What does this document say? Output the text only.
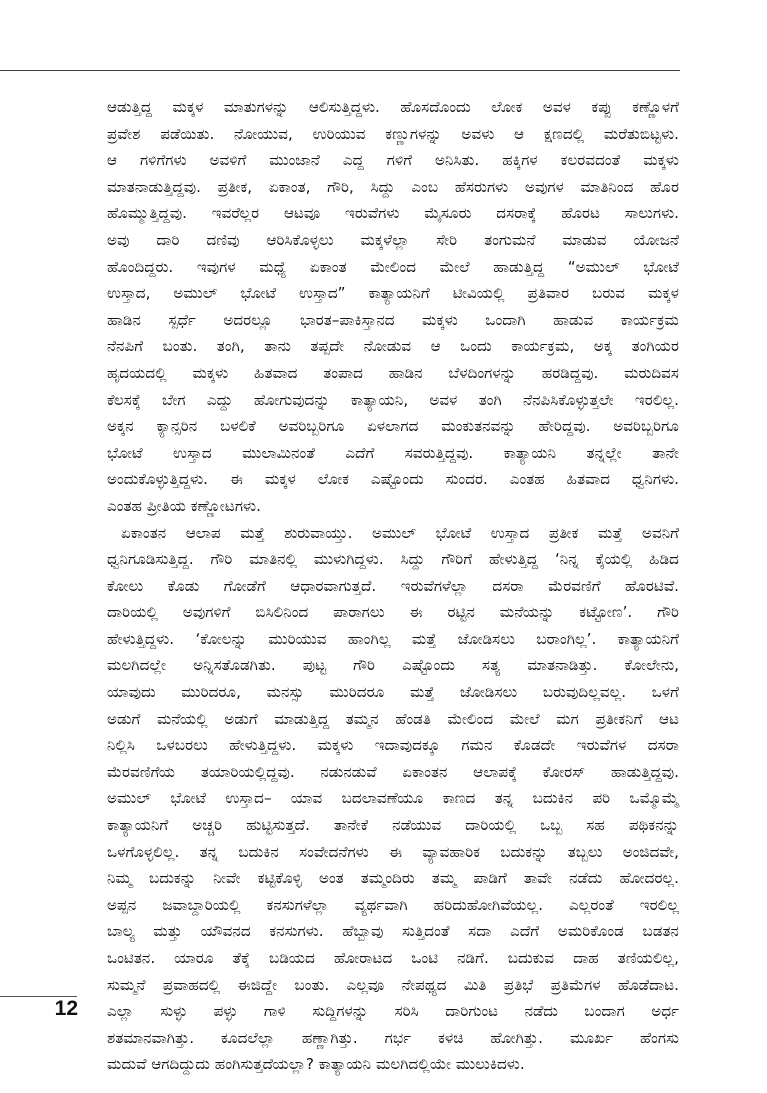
ಆಡುತ್ತಿದ್ದ ಮಕ್ಕಳ ಮಾತುಗಳನ್ನು ಆಲಿಸುತ್ತಿದ್ದಳು. ಹೊಸದೊಂದು ಲೋಕ ಅವಳ ಕಪ್ಪು ಕಣ್ಣೊಳಗೆ
ಪ್ರವೇಶ ಪಡೆಯಿತು. ನೋಯುವ, ಉರಿಯುವ ಕಣ್ಣುಗಳನ್ನು ಅವಳು ಆ ಕ್ಷಣದಲ್ಲಿ ಮರೆತುಬಿಟ್ಟಳು.
ಆ ಗಳಿಗೆಗಳು ಅವಳಿಗೆ ಮುಂಜಾನೆ ಎದ್ದ ಗಳಿಗೆ ಅನಿಸಿತು. ಹಕ್ಕಿಗಳ ಕಲರವದಂತೆ ಮಕ್ಕಳು
ಮಾತನಾಡುತ್ತಿದ್ದವು. ಪ್ರತೀಕ, ಏಕಾಂತ, ಗೌರಿ, ಸಿದ್ದು ಎಂಬ ಹೆಸರುಗಳು ಅವುಗಳ ಮಾತಿನಿಂದ ಹೊರ
ಹೊಮ್ಮುತ್ತಿದ್ದವು. ಇವರೆಲ್ಲರ ಆಟವೂ ಇರುವೆಗಳು ಮೈಸೂರು ದಸರಾಕ್ಕೆ ಹೊರಟ ಸಾಲುಗಳು.
ಅವು ದಾರಿ ದಣಿವು ಆರಿಸಿಕೊಳ್ಳಲು ಮಕ್ಕಳೆಲ್ಲಾ ಸೇರಿ ತಂಗುಮನೆ ಮಾಡುವ ಯೋಜನೆ
ಹೊಂದಿದ್ದರು. ಇವುಗಳ ಮಧ್ಯೆ ಏಕಾಂತ ಮೇಲಿಂದ ಮೇಲೆ ಹಾಡುತ್ತಿದ್ದ “ಅಮುಲ್ ಭೋಟೆ
ಉಸ್ತಾದ, ಅಮುಲ್ ಭೋಟೆ ಉಸ್ತಾದ” ಕಾತ್ಯಾಯನಿಗೆ ಟೀವಿಯಲ್ಲಿ ಪ್ರತಿವಾರ ಬರುವ ಮಕ್ಕಳ
ಹಾಡಿನ ಸ್ಪರ್ಧೆ ಅದರಲ್ಲೂ ಭಾರತ–ಪಾಕಿಸ್ತಾನದ ಮಕ್ಕಳು ಒಂದಾಗಿ ಹಾಡುವ ಕಾರ್ಯಕ್ರಮ
ನೆನಪಿಗೆ ಬಂತು. ತಂಗಿ, ತಾನು ತಪ್ಪದೇ ನೋಡುವ ಆ ಒಂದು ಕಾರ್ಯಕ್ರಮ, ಅಕ್ಕ ತಂಗಿಯರ
ಹೃದಯದಲ್ಲಿ ಮಕ್ಕಳು ಹಿತವಾದ ತಂಪಾದ ಹಾಡಿನ ಬೆಳದಿಂಗಳನ್ನು ಹರಡಿದ್ದವು. ಮರುದಿವಸ
ಕೆಲಸಕ್ಕೆ ಬೇಗ ಎದ್ದು ಹೋಗುವುದನ್ನು ಕಾತ್ಯಾಯನಿ, ಅವಳ ತಂಗಿ ನೆನಪಿಸಿಕೊಳ್ಳುತ್ತಲೇ ಇರಲಿಲ್ಲ.
ಅಕ್ಕನ ಕ್ಯಾನ್ಸರಿನ ಬಳಲಿಕೆ ಅವರಿಬ್ಬರಿಗೂ ಏಳಲಾಗದ ಮಂಕುತನವನ್ನು ಹೇರಿದ್ದವು. ಅವರಿಬ್ಬರಿಗೂ
ಭೋಟೆ ಉಸ್ತಾದ ಮುಲಾಮಿನಂತೆ ಎದೆಗೆ ಸವರುತ್ತಿದ್ದವು. ಕಾತ್ಯಾಯನಿ ತನ್ನಲ್ಲೇ ತಾನೇ
ಅಂದುಕೊಳ್ಳುತ್ತಿದ್ದಳು. ಈ ಮಕ್ಕಳ ಲೋಕ ಎಷ್ಟೊಂದು ಸುಂದರ. ಎಂತಹ ಹಿತವಾದ ಧ್ವನಿಗಳು.
ಎಂತಹ ಪ್ರೀತಿಯ ಕಣ್ಣೋಟಗಳು.
ಏಕಾಂತನ ಆಲಾಪ ಮತ್ತೆ ಶುರುವಾಯ್ತು. ಅಮುಲ್ ಭೋಟೆ ಉಸ್ತಾದ ಪ್ರತೀಕ ಮತ್ತೆ ಅವನಿಗೆ
ಧ್ವನಿಗೂಡಿಸುತ್ತಿದ್ದ. ಗೌರಿ ಮಾತಿನಲ್ಲಿ ಮುಳುಗಿದ್ದಳು. ಸಿದ್ದು ಗೌರಿಗೆ ಹೇಳುತ್ತಿದ್ದ ‘ನಿನ್ನ ಕೈಯಲ್ಲಿ ಹಿಡಿದ
ಕೋಲು ಕೊಡು ಗೋಡೆಗೆ ಆಧಾರವಾಗುತ್ತದೆ. ಇರುವೆಗಳೆಲ್ಲಾ ದಸರಾ ಮೆರವಣಿಗೆ ಹೊರಟಿವೆ.
ದಾರಿಯಲ್ಲಿ ಅವುಗಳಿಗೆ ಬಿಸಿಲಿನಿಂದ ಪಾರಾಗಲು ಈ ರಟ್ಟಿನ ಮನೆಯನ್ನು ಕಟ್ಟೋಣ’. ಗೌರಿ
ಹೇಳುತ್ತಿದ್ದಳು. ‘ಕೋಲನ್ನು ಮುರಿಯುವ ಹಾಂಗಿಲ್ಲ ಮತ್ತೆ ಜೋಡಿಸಲು ಬರಾಂಗಿಲ್ಲ’. ಕಾತ್ಯಾಯನಿಗೆ
ಮಲಗಿದಲ್ಲೇ ಅನ್ನಿಸತೊಡಗಿತು. ಪುಟ್ಟ ಗೌರಿ ಎಷ್ಟೊಂದು ಸತ್ಯ ಮಾತನಾಡಿತ್ತು. ಕೋಲೇನು,
ಯಾವುದು ಮುರಿದರೂ, ಮನಸ್ಸು ಮುರಿದರೂ ಮತ್ತೆ ಜೋಡಿಸಲು ಬರುವುದಿಲ್ಲವಲ್ಲ. ಒಳಗೆ
ಅಡುಗೆ ಮನೆಯಲ್ಲಿ ಅಡುಗೆ ಮಾಡುತ್ತಿದ್ದ ತಮ್ಮನ ಹೆಂಡತಿ ಮೇಲಿಂದ ಮೇಲೆ ಮಗ ಪ್ರತೀಕನಿಗೆ ಆಟ
ನಿಲ್ಲಿಸಿ ಒಳಬರಲು ಹೇಳುತ್ತಿದ್ದಳು. ಮಕ್ಕಳು ಇದಾವುದಕ್ಕೂ ಗಮನ ಕೊಡದೇ ಇರುವೆಗಳ ದಸರಾ
ಮೆರವಣಿಗೆಯ ತಯಾರಿಯಲ್ಲಿದ್ದವು. ನಡುನಡುವೆ ಏಕಾಂತನ ಆಲಾಪಕ್ಕೆ ಕೋರಸ್ ಹಾಡುತ್ತಿದ್ದವು.
ಅಮುಲ್ ಭೋಟೆ ಉಸ್ತಾದ– ಯಾವ ಬದಲಾವಣೆಯೂ ಕಾಣದ ತನ್ನ ಬದುಕಿನ ಪರಿ ಒಮ್ಮೊಮ್ಮೆ
ಕಾತ್ಯಾಯನಿಗೆ ಅಚ್ಚರಿ ಹುಟ್ಟಿಸುತ್ತದೆ. ತಾನೇಕೆ ನಡೆಯುವ ದಾರಿಯಲ್ಲಿ ಒಬ್ಬ ಸಹ ಪಥಿಕನನ್ನು
ಒಳಗೊಳ್ಳಲಿಲ್ಲ. ತನ್ನ ಬದುಕಿನ ಸಂವೇದನೆಗಳು ಈ ವ್ಯಾವಹಾರಿಕ ಬದುಕನ್ನು ತಬ್ಬಲು ಅಂಜಿದವೇ,
ನಿಮ್ಮ ಬದುಕನ್ನು ನೀವೇ ಕಟ್ಟಿಕೊಳ್ಳಿ ಅಂತ ತಮ್ಮಂದಿರು ತಮ್ಮ ಪಾಡಿಗೆ ತಾವೇ ನಡೆದು ಹೋದರಲ್ಲ.
ಅಪ್ಪನ ಜವಾಬ್ದಾರಿಯಲ್ಲಿ ಕನಸುಗಳೆಲ್ಲಾ ವ್ಯರ್ಥವಾಗಿ ಹರಿದುಹೋಗಿವೆಯಲ್ಲ. ಎಲ್ಲರಂತೆ ಇರಲಿಲ್ಲ
ಬಾಲ್ಯ ಮತ್ತು ಯೌವನದ ಕನಸುಗಳು. ಹೆಬ್ಬಾವು ಸುತ್ತಿದಂತೆ ಸದಾ ಎದೆಗೆ ಅಮರಿಕೊಂಡ ಬಡತನ
ಒಂಟಿತನ. ಯಾರೂ ತೆಕ್ಕೆ ಬಡಿಯದ ಹೋರಾಟದ ಒಂಟಿ ನಡಿಗೆ. ಬದುಕುವ ದಾಹ ತಣಿಯಲಿಲ್ಲ,
ಸುಮ್ಮನೆ ಪ್ರವಾಹದಲ್ಲಿ ಈಜಿದ್ದೇ ಬಂತು. ಎಲ್ಲವೂ ನೇಪಥ್ಯದ ಮಿತಿ ಪ್ರತಿಭೆ ಪ್ರತಿಮೆಗಳ ಹೊಡೆದಾಟ.
ಎಲ್ಲಾ ಸುಳ್ಳು ಪಳ್ಳು ಗಾಳಿ ಸುದ್ದಿಗಳನ್ನು ಸರಿಸಿ ದಾರಿಗುಂಟ ನಡೆದು ಬಂದಾಗ ಅರ್ಧ
ಶತಮಾನವಾಗಿತ್ತು. ಕೂದಲೆಲ್ಲಾ ಹಣ್ಣಾಗಿತ್ತು. ಗರ್ಭ ಕಳಚಿ ಹೋಗಿತ್ತು. ಮೂರ್ಖ ಹೆಂಗಸು
ಮದುವೆ ಆಗದಿದ್ದುದು ಹಂಗಿಸುತ್ತದೆಯಲ್ಲಾ? ಕಾತ್ಯಾಯನಿ ಮಲಗಿದಲ್ಲಿಯೇ ಮುಲುಕಿದಳು.
12
